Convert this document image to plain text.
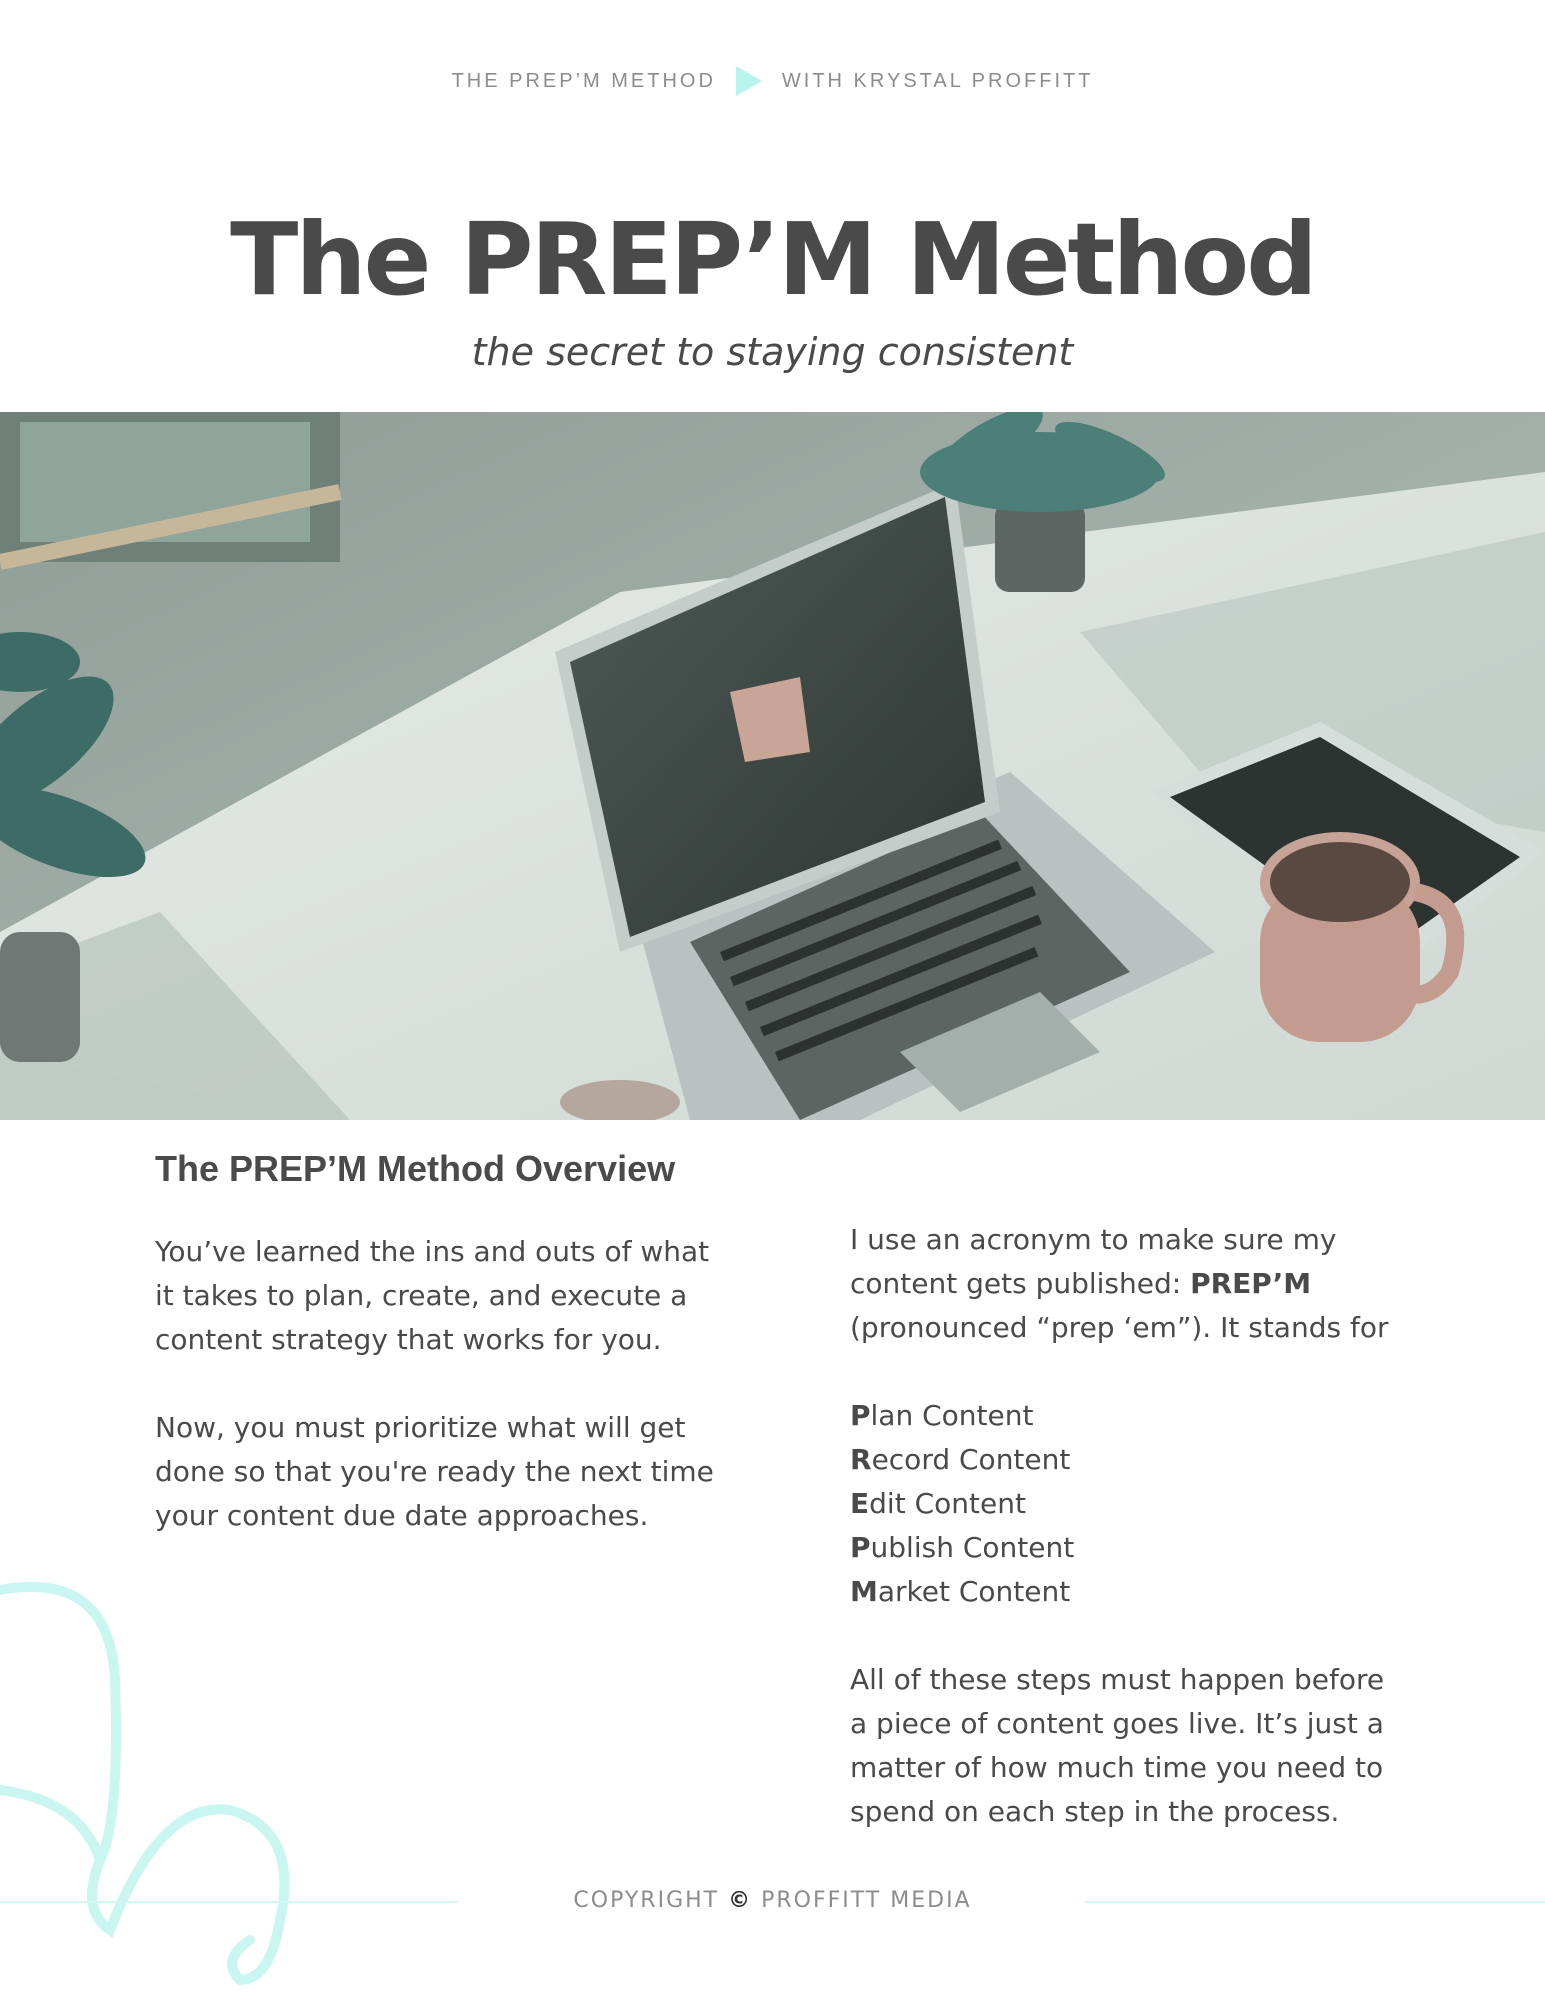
THE PREP’M METHOD	WITH KRYSTAL PROFFITT
The PREP’M Method
the secret to staying consistent
The PREP’M Method Overview

You’ve learned the ins and outs of what it takes to plan, create, and execute a content strategy that works for you.

Now, you must prioritize what will get done so that you're ready the next time your content due date approaches.

I use an acronym to make sure my content gets published: PREP’M (pronounced “prep ‘em”). It stands for

Plan Content
Record Content
Edit Content
Publish Content
Market Content

All of these steps must happen before a piece of content goes live. It’s just a matter of how much time you need to spend on each step in the process.

COPYRIGHT © PROFFITT MEDIA
